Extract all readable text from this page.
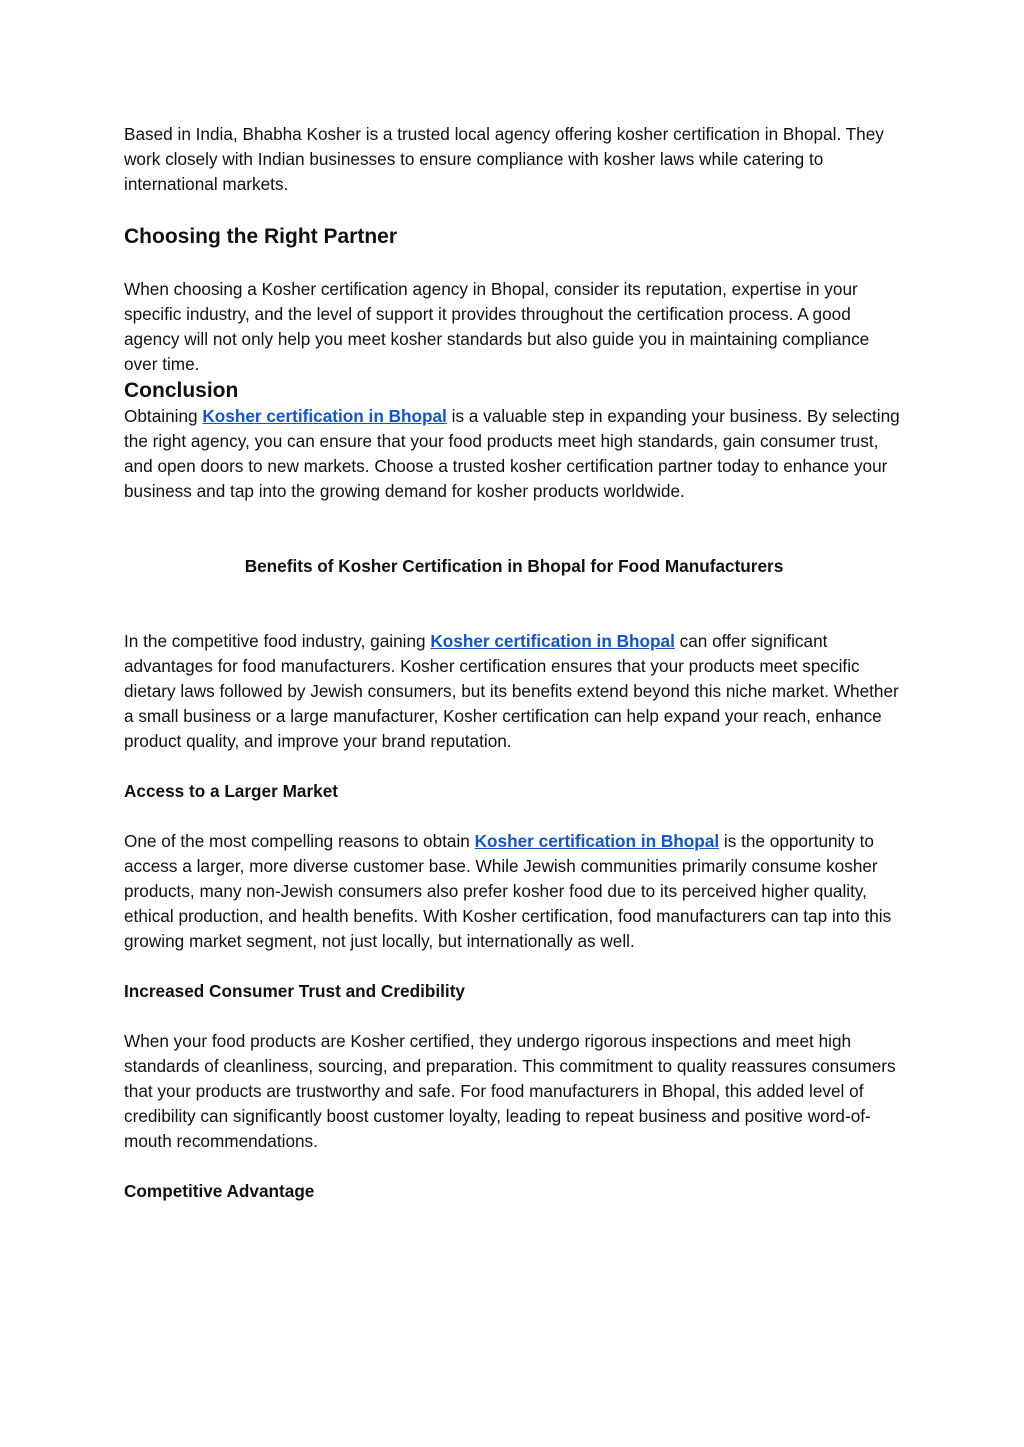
Based in India, Bhabha Kosher is a trusted local agency offering kosher certification in Bhopal. They work closely with Indian businesses to ensure compliance with kosher laws while catering to international markets.

Choosing the Right Partner

When choosing a Kosher certification agency in Bhopal, consider its reputation, expertise in your specific industry, and the level of support it provides throughout the certification process. A good agency will not only help you meet kosher standards but also guide you in maintaining compliance over time.

Conclusion

Obtaining Kosher certification in Bhopal is a valuable step in expanding your business. By selecting the right agency, you can ensure that your food products meet high standards, gain consumer trust, and open doors to new markets. Choose a trusted kosher certification partner today to enhance your business and tap into the growing demand for kosher products worldwide.

Benefits of Kosher Certification in Bhopal for Food Manufacturers

In the competitive food industry, gaining Kosher certification in Bhopal can offer significant advantages for food manufacturers. Kosher certification ensures that your products meet specific dietary laws followed by Jewish consumers, but its benefits extend beyond this niche market. Whether a small business or a large manufacturer, Kosher certification can help expand your reach, enhance product quality, and improve your brand reputation.

Access to a Larger Market

One of the most compelling reasons to obtain Kosher certification in Bhopal is the opportunity to access a larger, more diverse customer base. While Jewish communities primarily consume kosher products, many non-Jewish consumers also prefer kosher food due to its perceived higher quality, ethical production, and health benefits. With Kosher certification, food manufacturers can tap into this growing market segment, not just locally, but internationally as well.

Increased Consumer Trust and Credibility

When your food products are Kosher certified, they undergo rigorous inspections and meet high standards of cleanliness, sourcing, and preparation. This commitment to quality reassures consumers that your products are trustworthy and safe. For food manufacturers in Bhopal, this added level of credibility can significantly boost customer loyalty, leading to repeat business and positive word-of-mouth recommendations.

Competitive Advantage
